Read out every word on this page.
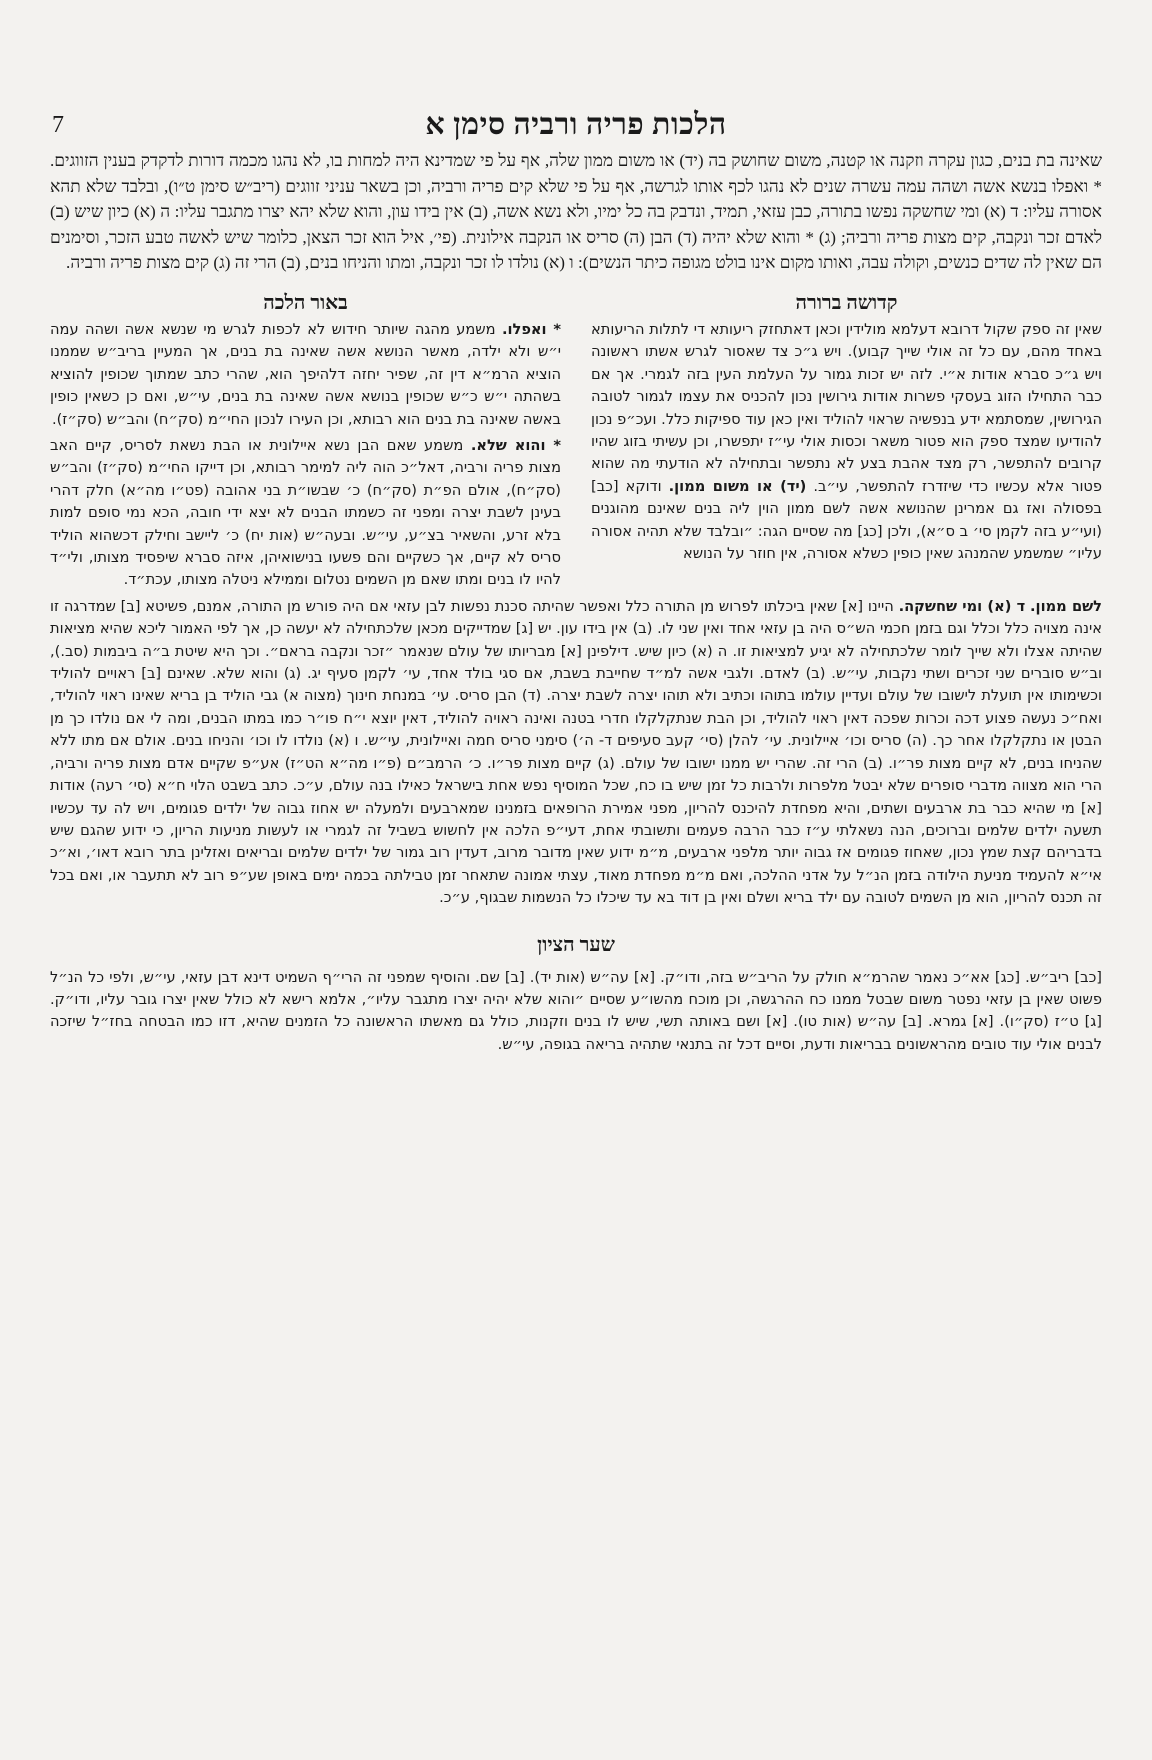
7	הלכות פריה ורביה סימן א

שאינה בת בנים, כגון עקרה וזקנה או קטנה, משום שחושק בה (יד) או משום ממון שלה, אף על פי שמדינא היה למחות בו, לא נהגו מכמה דורות לדקדק בענין הזווגים. * ואפלו בנשא אשה ושהה עמה עשרה שנים לא נהגו לכף אותו לגרשה, אף על פי שלא קים פריה ורביה, וכן בשאר עניני זווגים (ריב״ש סימן ט״ו), ובלבד שלא תהא אסורה עליו: ד (א) ומי שחשקה נפשו בתורה, כבן עזאי, תמיד, ונדבק בה כל ימיו, ולא נשא אשה, (ב) אין בידו עון, והוא שלא יהא יצרו מתגבר עליו: ה (א) כיון שיש (ב) לאדם זכר ונקבה, קים מצות פריה ורביה; (ג) * והוא שלא יהיה (ד) הבן (ה) סריס או הנקבה אילונית. (פי׳, איל הוא זכר הצאן, כלומר שיש לאשה טבע הזכר, וסימנים הם שאין לה שדים כנשים, וקולה עבה, ואותו מקום אינו בולט מגופה כיתר הנשים): ו (א) נולדו לו זכר ונקבה, ומתו והניחו בנים, (ב) הרי זה (ג) קים מצות פריה ורביה.

קדושה ברורה

שאין זה ספק שקול דרובא דעלמא מולידין וכאן דאתחזק ריעותא די לתלות הריעותא באחד מהם, עם כל זה אולי שייך קבוע). ויש ג״כ צד שאסור לגרש אשתו ראשונה ויש ג״כ סברא אודות א״י. לזה יש זכות גמור על העלמת העין בזה לגמרי. אך אם כבר התחילו הזוג בעסקי פשרות אודות גירושין נכון להכניס את עצמו לגמור לטובה הגירושין, שמסתמא ידע בנפשיה שראוי להוליד ואין כאן עוד ספיקות כלל. ועכ״פ נכון להודיעו שמצד ספק הוא פטור משאר וכסות אולי עי״ז יתפשרו, וכן עשיתי בזוג שהיו קרובים להתפשר, רק מצד אהבת בצע לא נתפשר ובתחילה לא הודעתי מה שהוא פטור אלא עכשיו כדי שיזדרז להתפשר, עי״ב. (יד) או משום ממון. ודוקא [כב] בפסולה ואז גם אמרינן שהנושא אשה לשם ממון הוין ליה בנים שאינם מהוגנים (ועי״ע בזה לקמן סי׳ ב ס״א), ולכן [כג] מה שסיים הגה: ״ובלבד שלא תהיה אסורה עליו״ שמשמע שהמנהג שאין כופין כשלא אסורה, אין חוזר על הנושא

באור הלכה

* ואפלו. משמע מהגה שיותר חידוש לא לכפות לגרש מי שנשא אשה ושהה עמה י״ש ולא ילדה, מאשר הנושא אשה שאינה בת בנים, אך המעיין בריב״ש שממנו הוציא הרמ״א דין זה, שפיר יחזה דלהיפך הוא, שהרי כתב שמתוך שכופין להוציא בשהתה י״ש כ״ש שכופין בנושא אשה שאינה בת בנים, עי״ש, ואם כן כשאין כופין באשה שאינה בת בנים הוא רבותא, וכן העירו לנכון החי״מ (סק״ח) והב״ש (סק״ז).

* והוא שלא. משמע שאם הבן נשא איילונית או הבת נשאת לסריס, קיים האב מצות פריה ורביה, דאל״כ הוה ליה למימר רבותא, וכן דייקו החי״מ (סק״ז) והב״ש (סק״ח), אולם הפ״ת (סק״ח) כ׳ שבשו״ת בני אהובה (פט״ו מה״א) חלק דהרי בעינן לשבת יצרה ומפני זה כשמתו הבנים לא יצא ידי חובה, הכא נמי סופם למות בלא זרע, והשאיר בצ״ע, עי״ש. ובעה״ש (אות יח) כ׳ ליישב וחילק דכשהוא הוליד סריס לא קיים, אך כשקיים והם פשעו בנישואיהן, איזה סברא שיפסיד מצותו, ולי״ד להיו לו בנים ומתו שאם מן השמים נטלום וממילא ניטלה מצותו, עכת״ד.

לשם ממון. ד (א) ומי שחשקה. היינו [א] שאין ביכלתו לפרוש מן התורה כלל ואפשר שהיתה סכנת נפשות לבן עזאי אם היה פורש מן התורה, אמנם, פשיטא [ב] שמדרגה זו אינה מצויה כלל וכלל וגם בזמן חכמי הש״ס היה בן עזאי אחד ואין שני לו. (ב) אין בידו עון. יש [ג] שמדייקים מכאן שלכתחילה לא יעשה כן, אך לפי האמור ליכא שהיא מציאות שהיתה אצלו ולא שייך לומר שלכתחילה לא יגיע למציאות זו. ה (א) כיון שיש. דילפינן [א] מבריותו של עולם שנאמר ״זכר ונקבה בראם״. וכך היא שיטת ב״ה ביבמות (סב.), וב״ש סוברים שני זכרים ושתי נקבות, עי״ש. (ב) לאדם. ולגבי אשה למ״ד שחייבת בשבת, אם סגי בולד אחד, עי׳ לקמן סעיף יג. (ג) והוא שלא. שאינם [ב] ראויים להוליד וכשימותו אין תועלת לישובו של עולם ועדיין עולמו בתוהו וכתיב ולא תוהו יצרה לשבת יצרה. (ד) הבן סריס. עי׳ במנחת חינוך (מצוה א) גבי הוליד בן בריא שאינו ראוי להוליד, ואח״כ נעשה פצוע דכה וכרות שפכה דאין ראוי להוליד, וכן הבת שנתקלקלו חדרי בטנה ואינה ראויה להוליד, דאין יוצא י״ח פו״ר כמו במתו הבנים, ומה לי אם נולדו כך מן הבטן או נתקלקלו אחר כך. (ה) סריס וכו׳ איילונית. עי׳ להלן (סי׳ קעב סעיפים ד- ה׳) סימני סריס חמה ואיילונית, עי״ש. ו (א) נולדו לו וכו׳ והניחו בנים. אולם אם מתו ללא שהניחו בנים, לא קיים מצות פר״ו. (ב) הרי זה. שהרי יש ממנו ישובו של עולם. (ג) קיים מצות פר״ו. כ׳ הרמב״ם (פ״ו מה״א הט״ז) אע״פ שקיים אדם מצות פריה ורביה, הרי הוא מצווה מדברי סופרים שלא יבטל מלפרות ולרבות כל זמן שיש בו כח, שכל המוסיף נפש אחת בישראל כאילו בנה עולם, ע״כ. כתב בשבט הלוי ח״א (סי׳ רעה) אודות [א] מי שהיא כבר בת ארבעים ושתים, והיא מפחדת להיכנס להריון, מפני אמירת הרופאים בזמנינו שמארבעים ולמעלה יש אחוז גבוה של ילדים פגומים, ויש לה עד עכשיו תשעה ילדים שלמים וברוכים, הנה נשאלתי ע״ז כבר הרבה פעמים ותשובתי אחת, דעי״פ הלכה אין לחשוש בשביל זה לגמרי או לעשות מניעות הריון, כי ידוע שהגם שיש בדבריהם קצת שמץ נכון, שאחוז פגומים אז גבוה יותר מלפני ארבעים, מ״מ ידוע שאין מדובר מרוב, דעדין רוב גמור של ילדים שלמים ובריאים ואזלינן בתר רובא דאו׳, וא״כ אי״א להעמיד מניעת הילודה בזמן הנ״ל על אדני ההלכה, ואם מ״מ מפחדת מאוד, עצתי אמונה שתאחר זמן טבילתה בכמה ימים באופן שע״פ רוב לא תתעבר או, ואם בכל זה תכנס להריון, הוא מן השמים לטובה עם ילד בריא ושלם ואין בן דוד בא עד שיכלו כל הנשמות שבגוף, ע״כ.

שער הציון

[כב] ריב״ש. [כג] אא״כ נאמר שהרמ״א חולק על הריב״ש בזה, ודו״ק. [א] עה״ש (אות יד). [ב] שם. והוסיף שמפני זה הרי״ף השמיט דינא דבן עזאי, עי״ש, ולפי כל הנ״ל פשוט שאין בן עזאי נפטר משום שבטל ממנו כח ההרגשה, וכן מוכח מהשו״ע שסיים ״והוא שלא יהיה יצרו מתגבר עליו״, אלמא רישא לא כולל שאין יצרו גובר עליו, ודו״ק. [ג] ט״ז (סק״ו). [א] גמרא. [ב] עה״ש (אות טו). [א] ושם באותה תשי, שיש לו בנים וזקנות, כולל גם מאשתו הראשונה כל הזמנים שהיא, דזו כמו הבטחה בחז״ל שיזכה לבנים אולי עוד טובים מהראשונים בבריאות ודעת, וסיים דכל זה בתנאי שתהיה בריאה בגופה, עי״ש.
